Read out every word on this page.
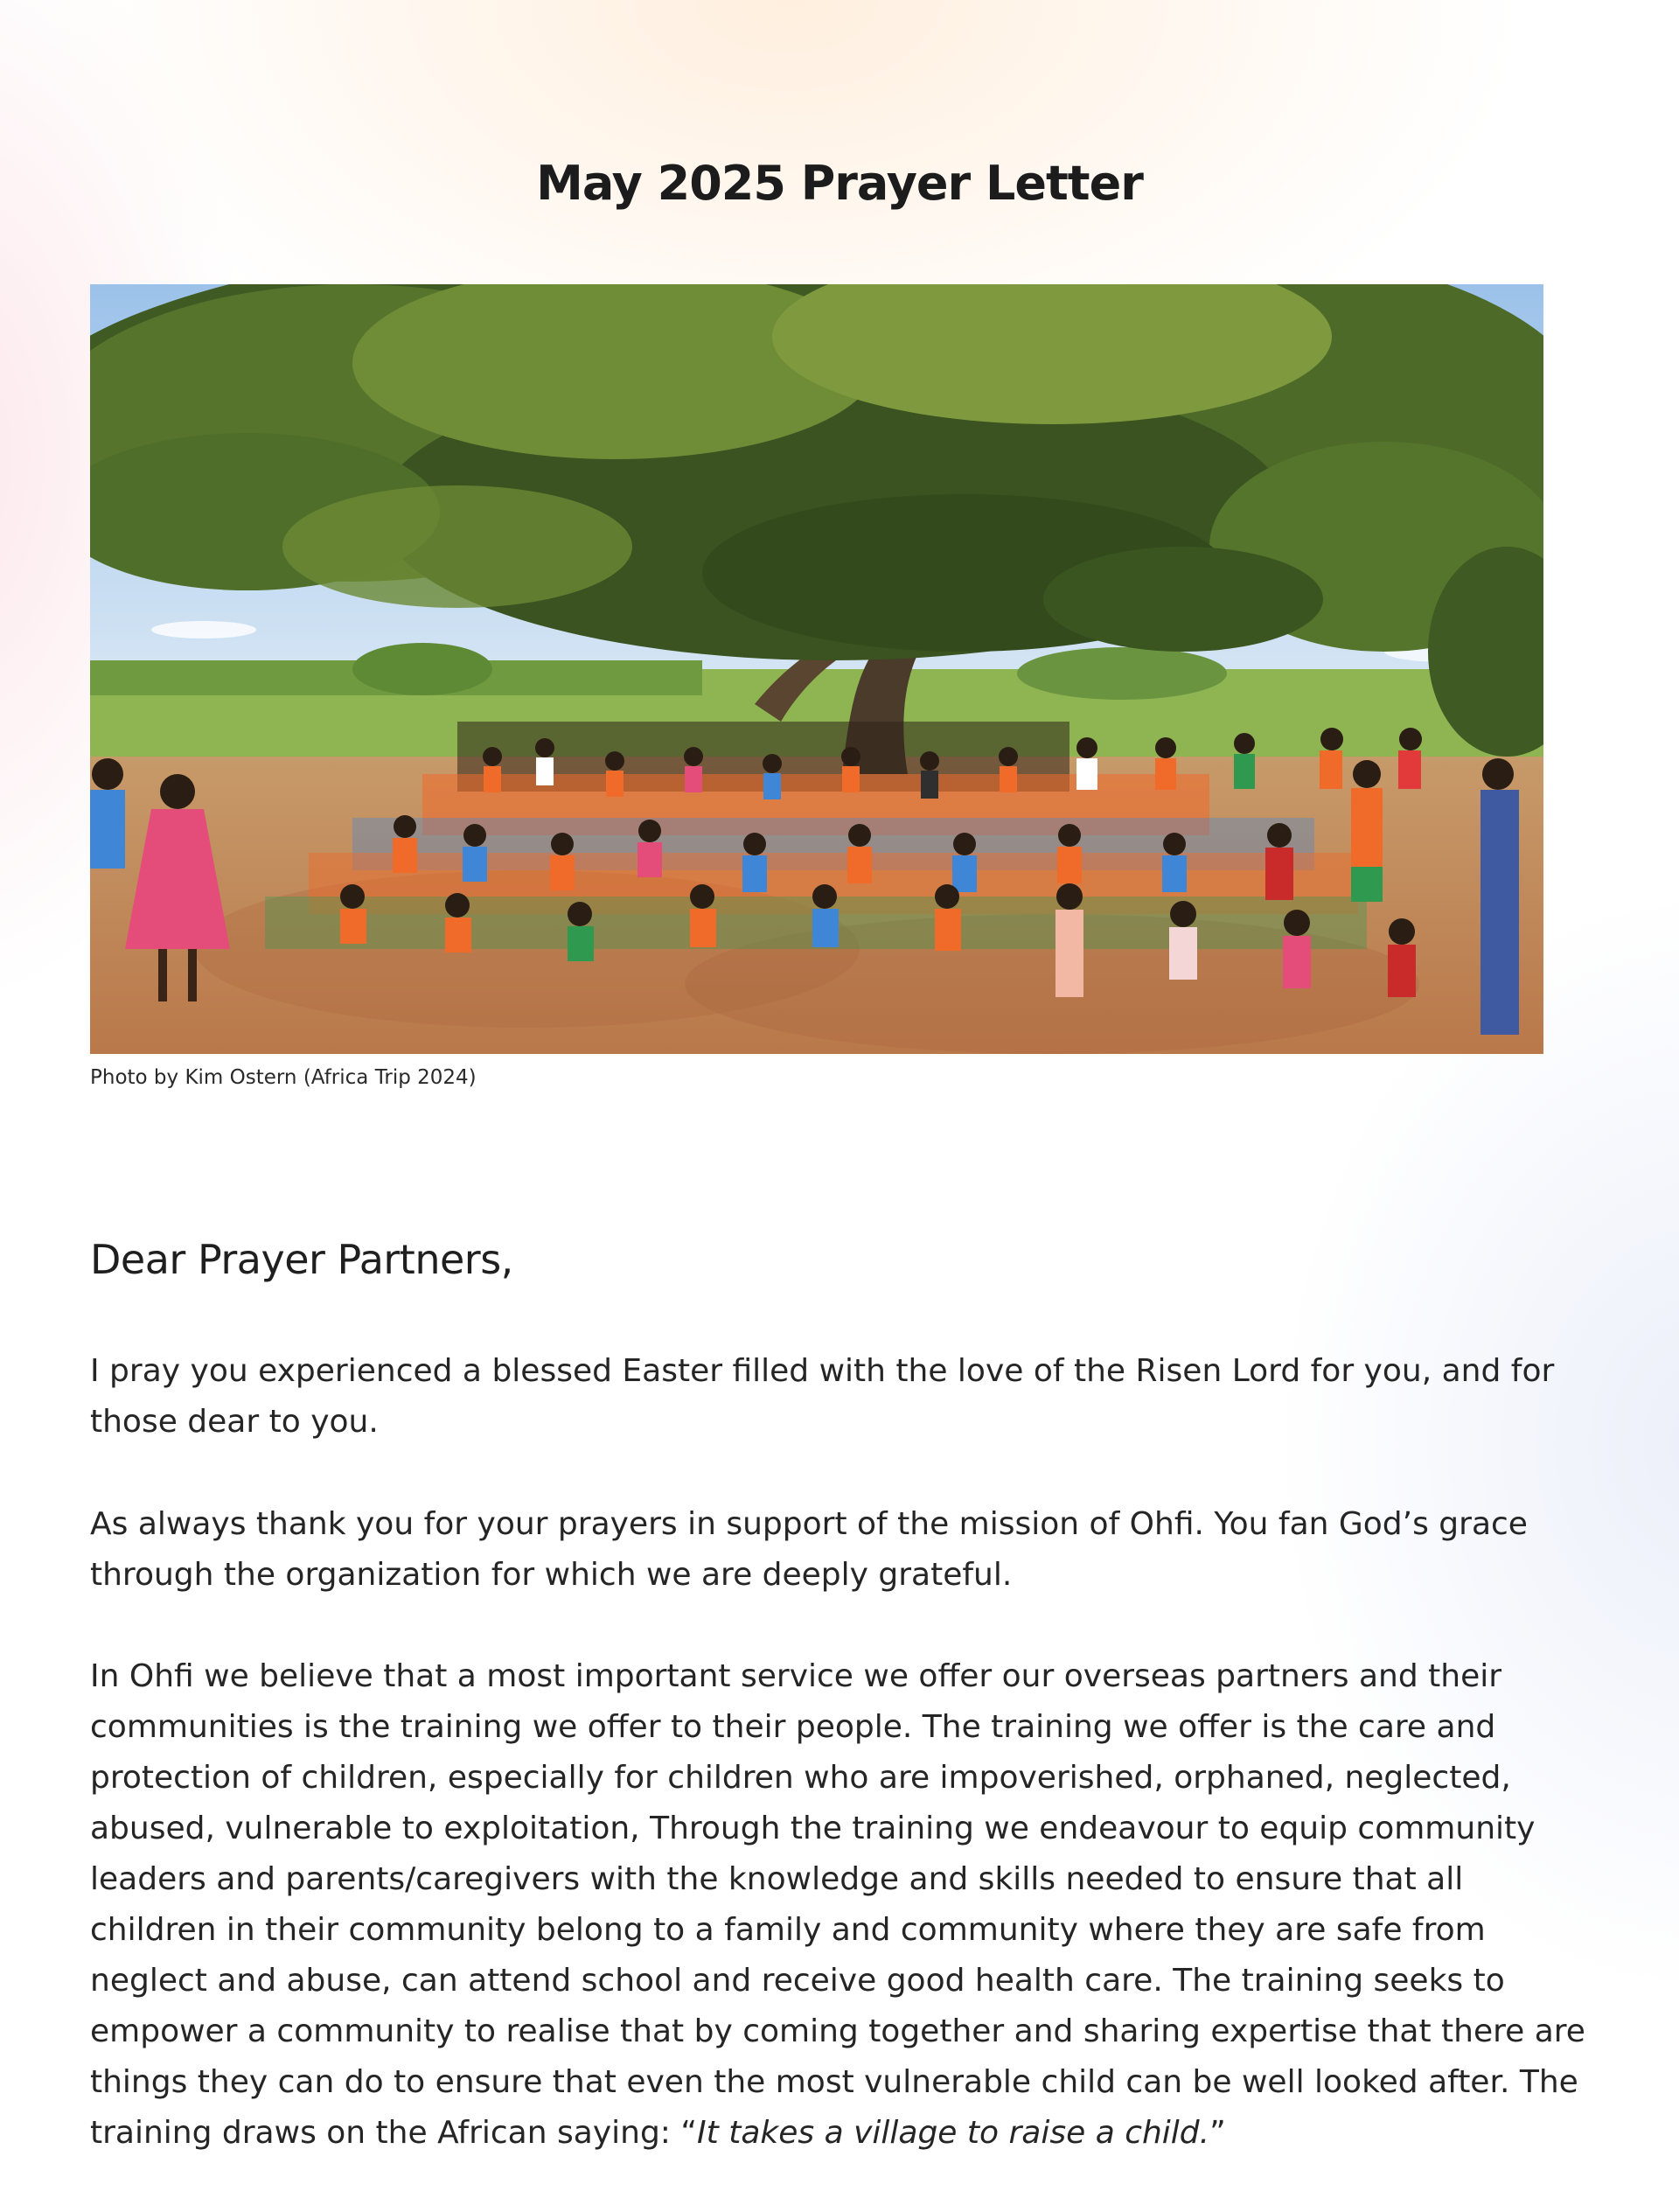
May 2025 Prayer Letter
Photo by Kim Ostern (Africa Trip 2024)
Dear Prayer Partners,

I pray you experienced a blessed Easter filled with the love of the Risen Lord for you, and for those dear to you.

As always thank you for your prayers in support of the mission of Ohfi. You fan God’s grace through the organization for which we are deeply grateful.

In Ohfi we believe that a most important service we offer our overseas partners and their communities is the training we offer to their people. The training we offer is the care and protection of children, especially for children who are impoverished, orphaned, neglected, abused, vulnerable to exploitation, Through the training we endeavour to equip community leaders and parents/caregivers with the knowledge and skills needed to ensure that all children in their community belong to a family and community where they are safe from neglect and abuse, can attend school and receive good health care. The training seeks to empower a community to realise that by coming together and sharing expertise that there are things they can do to ensure that even the most vulnerable child can be well looked after. The training draws on the African saying: “It takes a village to raise a child.”
